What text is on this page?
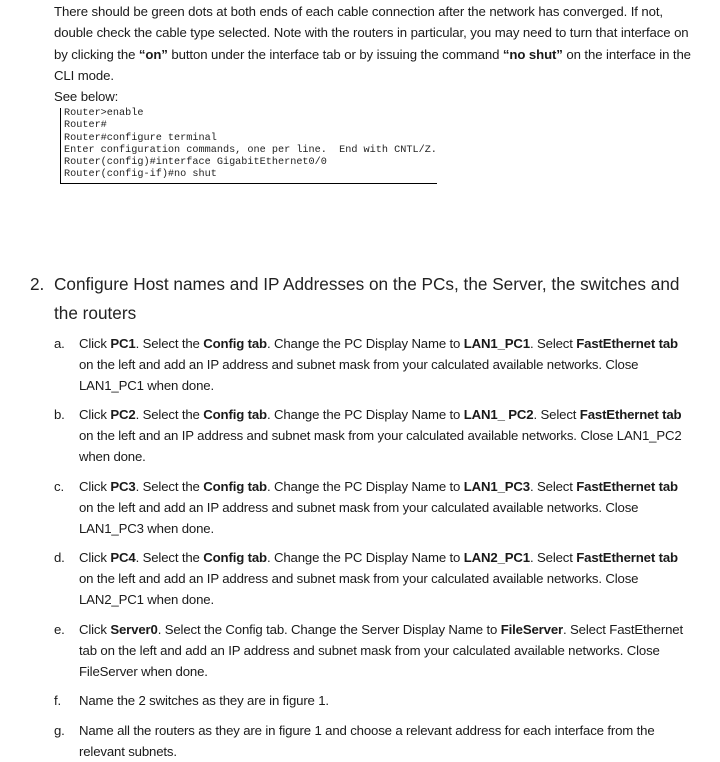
There should be green dots at both ends of each cable connection after the network has converged. If not, double check the cable type selected. Note with the routers in particular, you may need to turn that interface on by clicking the “on” button under the interface tab or by issuing the command “no shut” on the interface in the CLI mode.
See below:
Router>enable
Router#
Router#configure terminal
Enter configuration commands, one per line.  End with CNTL/Z.
Router(config)#interface GigabitEthernet0/0
Router(config-if)#no shut
2. Configure Host names and IP Addresses on the PCs, the Server, the switches and the routers
a.	Click PC1. Select the Config tab. Change the PC Display Name to LAN1_PC1. Select FastEthernet tab on the left and add an IP address and subnet mask from your calculated available networks. Close LAN1_PC1 when done.
b.	Click PC2. Select the Config tab. Change the PC Display Name to LAN1_ PC2. Select FastEthernet tab on the left and an IP address and subnet mask from your calculated available networks. Close LAN1_PC2 when done.
c.	Click PC3. Select the Config tab. Change the PC Display Name to LAN1_PC3. Select FastEthernet tab on the left and add an IP address and subnet mask from your calculated available networks. Close LAN1_PC3 when done.
d.	Click PC4. Select the Config tab. Change the PC Display Name to LAN2_PC1. Select FastEthernet tab on the left and add an IP address and subnet mask from your calculated available networks. Close LAN2_PC1 when done.
e.	Click Server0. Select the Config tab. Change the Server Display Name to FileServer. Select FastEthernet tab on the left and add an IP address and subnet mask from your calculated available networks. Close FileServer when done.
f.	Name the 2 switches as they are in figure 1.
g.	Name all the routers as they are in figure 1 and choose a relevant address for each interface from the relevant subnets.
